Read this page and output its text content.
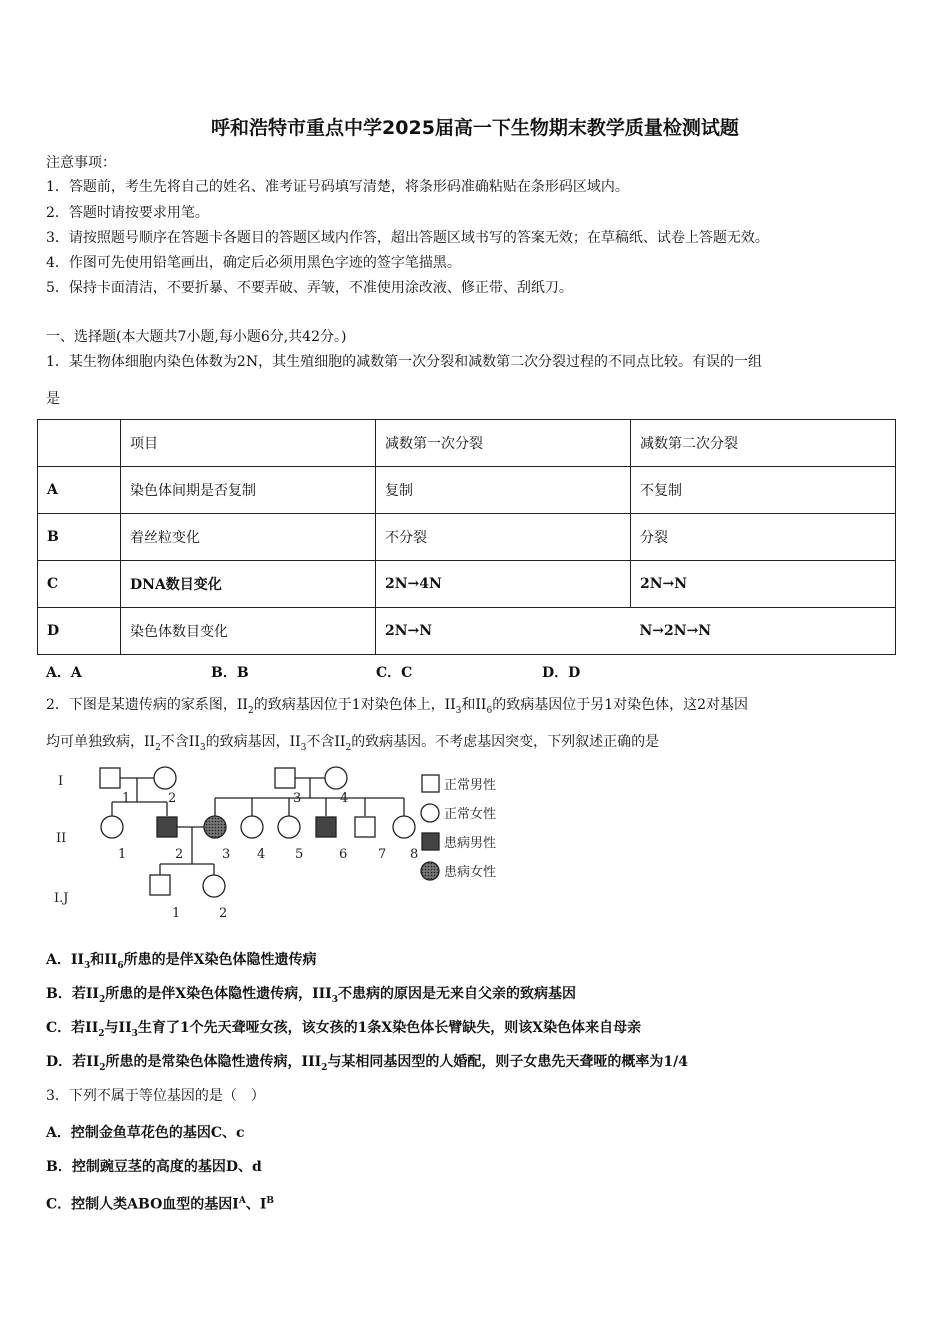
呼和浩特市重点中学2025届高一下生物期末教学质量检测试题
注意事项：
1．答题前，考生先将自己的姓名、准考证号码填写清楚，将条形码准确粘贴在条形码区域内。
2．答题时请按要求用笔。
3．请按照题号顺序在答题卡各题目的答题区域内作答，超出答题区域书写的答案无效；在草稿纸、试卷上答题无效。
4．作图可先使用铅笔画出，确定后必须用黑色字迹的签字笔描黑。
5．保持卡面清洁，不要折暴、不要弄破、弄皱，不准使用涂改液、修正带、刮纸刀。
一、选择题(本大题共7小题,每小题6分,共42分。)
1．某生物体细胞内染色体数为2N，其生殖细胞的减数第一次分裂和减数第二次分裂过程的不同点比较。有误的一组
是
	项目	减数第一次分裂	减数第二次分裂
A	染色体间期是否复制	复制	不复制
B	着丝粒变化	不分裂	分裂
C	DNA数目变化	2N→4N	2N→N
D	染色体数目变化	2N→N	N→2N→N
A．A	B．B	C．C	D．D
2．下图是某遗传病的家系图，$II_2$的致病基因位于1对染色体上，$II_3$和$II_6$的致病基因位于另1对染色体，这2对基因
均可单独致病，$II_2$不含$II_3$的致病基因，$II_3$不含$II_2$的致病基因。不考虑基因突变，下列叙述正确的是
I
II
I.J
1	2	3	4
1	2	3 4 5	6 7 8
1	2
正常男性
正常女性
患病男性
患病女性
A．$II_3$和$II_6$所患的是伴X染色体隐性遗传病
B．若$II_2$所患的是伴X染色体隐性遗传病，$III_3$不患病的原因是无来自父亲的致病基因
C．若$II_2$与$II_3$生育了1个先天聋哑女孩，该女孩的1条X染色体长臂缺失，则该X染色体来自母亲
D．若$II_2$所患的是常染色体隐性遗传病，$III_2$与某相同基因型的人婚配，则子女患先天聋哑的概率为1/4
3．下列不属于等位基因的是（　）
A．控制金鱼草花色的基因C、c
B．控制豌豆茎的高度的基因D、d
C．控制人类ABO血型的基因$I^A$、$I^B$
